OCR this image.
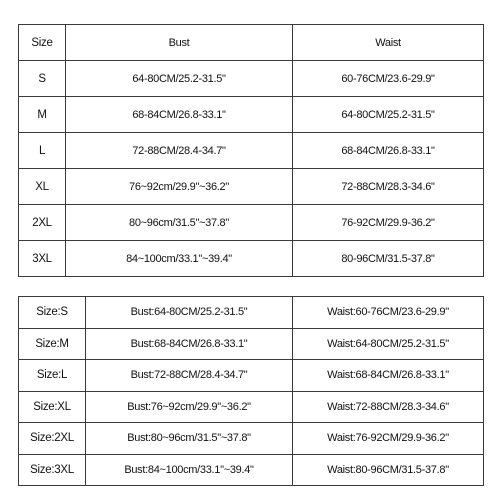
Size	Bust	Waist
S	64-80CM/25.2-31.5"	60-76CM/23.6-29.9"
M	68-84CM/26.8-33.1"	64-80CM/25.2-31.5"
L	72-88CM/28.4-34.7"	68-84CM/26.8-33.1"
XL	76~92cm/29.9"~36.2"	72-88CM/28.3-34.6"
2XL	80~96cm/31.5"~37.8"	76-92CM/29.9-36.2"
3XL	84~100cm/33.1"~39.4"	80-96CM/31.5-37.8"
Size:S	Bust:64-80CM/25.2-31.5"	Waist:60-76CM/23.6-29.9"
Size:M	Bust:68-84CM/26.8-33.1"	Waist:64-80CM/25.2-31.5"
Size:L	Bust:72-88CM/28.4-34.7"	Waist:68-84CM/26.8-33.1"
Size:XL	Bust:76~92cm/29.9"~36.2"	Waist:72-88CM/28.3-34.6"
Size:2XL	Bust:80~96cm/31.5"~37.8"	Waist:76-92CM/29.9-36.2"
Size:3XL	Bust:84~100cm/33.1"~39.4"	Waist:80-96CM/31.5-37.8"
